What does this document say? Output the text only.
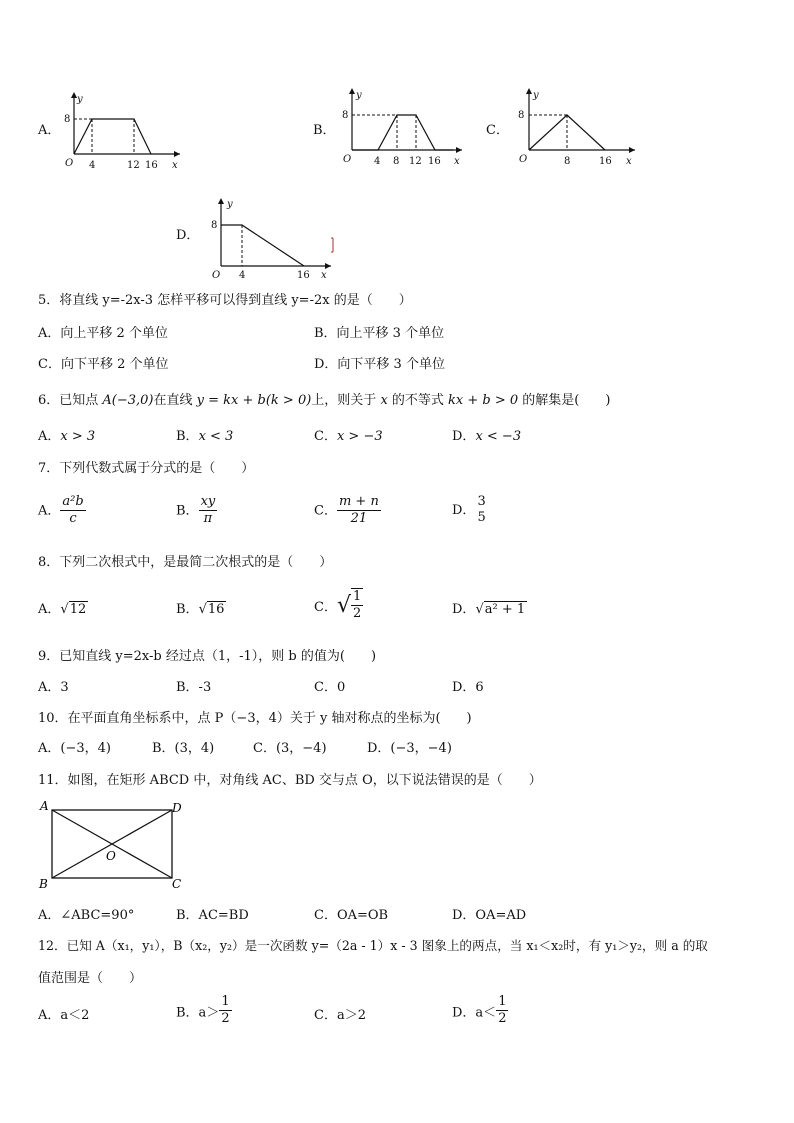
A．
y
8
O 4	12 16 x
B．
y
8
O 4 8 12 16 x
C．
y
8
O	8	16 x
D．
y
8
O 4	16 x
5．将直线 y=-2x-3 怎样平移可以得到直线 y=-2x 的是（　　）
A．向上平移 2 个单位	B．向上平移 3 个单位
C．向下平移 2 个单位	D．向下平移 3 个单位
6．已知点 A(−3,0)在直线 y = kx + b(k > 0)上，则关于 x 的不等式 kx + b > 0 的解集是(　　)
A．x > 3	B．x < 3	C．x > −3	D．x < −3
7．下列代数式属于分式的是（　　）
A． $\frac{\text{a²b}}{c}$	B． $\frac{xy}{\pi}$	C． $\frac{m + n}{21}$	D．
3
5
8．下列二次根式中，是最简二次根式的是（　　）
A．√12	B．√16	C．√ $\frac{1}{2}$	D．√a² + 1
9．已知直线 y=2x-b 经过点（1，-1），则 b 的值为(　　)
A．3	B．-3	C．0	D．6
10．在平面直角坐标系中，点 P（−3，4）关于 y 轴对称点的坐标为(　　)
A．(−3，4)	B．(3，4)	C．(3，−4)	D．(−3，−4)
11．如图，在矩形 ABCD 中，对角线 AC、BD 交与点 O，以下说法错误的是（　　）
A	D
B	C
O
A．∠ABC=90°	B．AC=BD	C．OA=OB	D．OA=AD
12．已知 A（x₁，y₁），B（x₂，y₂）是一次函数 y=（2a - 1）x - 3 图象上的两点，当 x₁＜x₂时，有 y₁＞y₂，则 a 的取
值范围是（　　）
A．a＜2	B．$a> \frac{1}{2}$	C．a＞2	D．$a< \frac{1}{2}$
